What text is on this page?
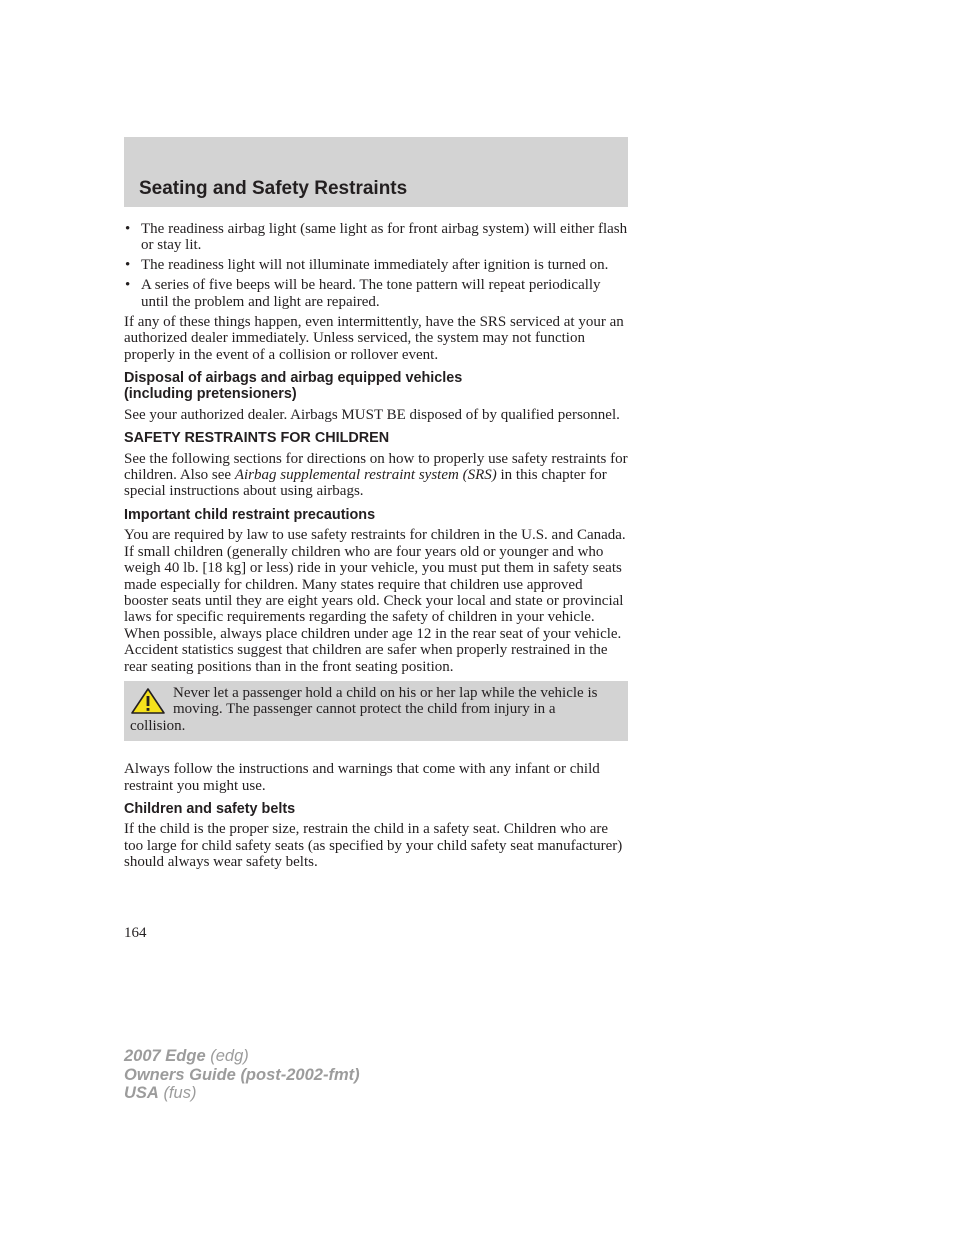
Seating and Safety Restraints
• The readiness airbag light (same light as for front airbag system) will either flash or stay lit.
• The readiness light will not illuminate immediately after ignition is turned on.
• A series of five beeps will be heard. The tone pattern will repeat periodically until the problem and light are repaired.

If any of these things happen, even intermittently, have the SRS serviced at your an authorized dealer immediately. Unless serviced, the system may not function properly in the event of a collision or rollover event.

Disposal of airbags and airbag equipped vehicles
(including pretensioners)

See your authorized dealer. Airbags MUST BE disposed of by qualified personnel.

SAFETY RESTRAINTS FOR CHILDREN

See the following sections for directions on how to properly use safety restraints for children. Also see Airbag supplemental restraint system (SRS) in this chapter for special instructions about using airbags.

Important child restraint precautions

You are required by law to use safety restraints for children in the U.S. and Canada. If small children (generally children who are four years old or younger and who weigh 40 lb. [18 kg] or less) ride in your vehicle, you must put them in safety seats made especially for children. Many states require that children use approved booster seats until they are eight years old. Check your local and state or provincial laws for specific requirements regarding the safety of children in your vehicle. When possible, always place children under age 12 in the rear seat of your vehicle. Accident statistics suggest that children are safer when properly restrained in the rear seating positions than in the front seating position.

Never let a passenger hold a child on his or her lap while the vehicle is moving. The passenger cannot protect the child from injury in a collision.

Always follow the instructions and warnings that come with any infant or child restraint you might use.

Children and safety belts

If the child is the proper size, restrain the child in a safety seat. Children who are too large for child safety seats (as specified by your child safety seat manufacturer) should always wear safety belts.

164
2007 Edge (edg)
Owners Guide (post-2002-fmt)
USA (fus)
